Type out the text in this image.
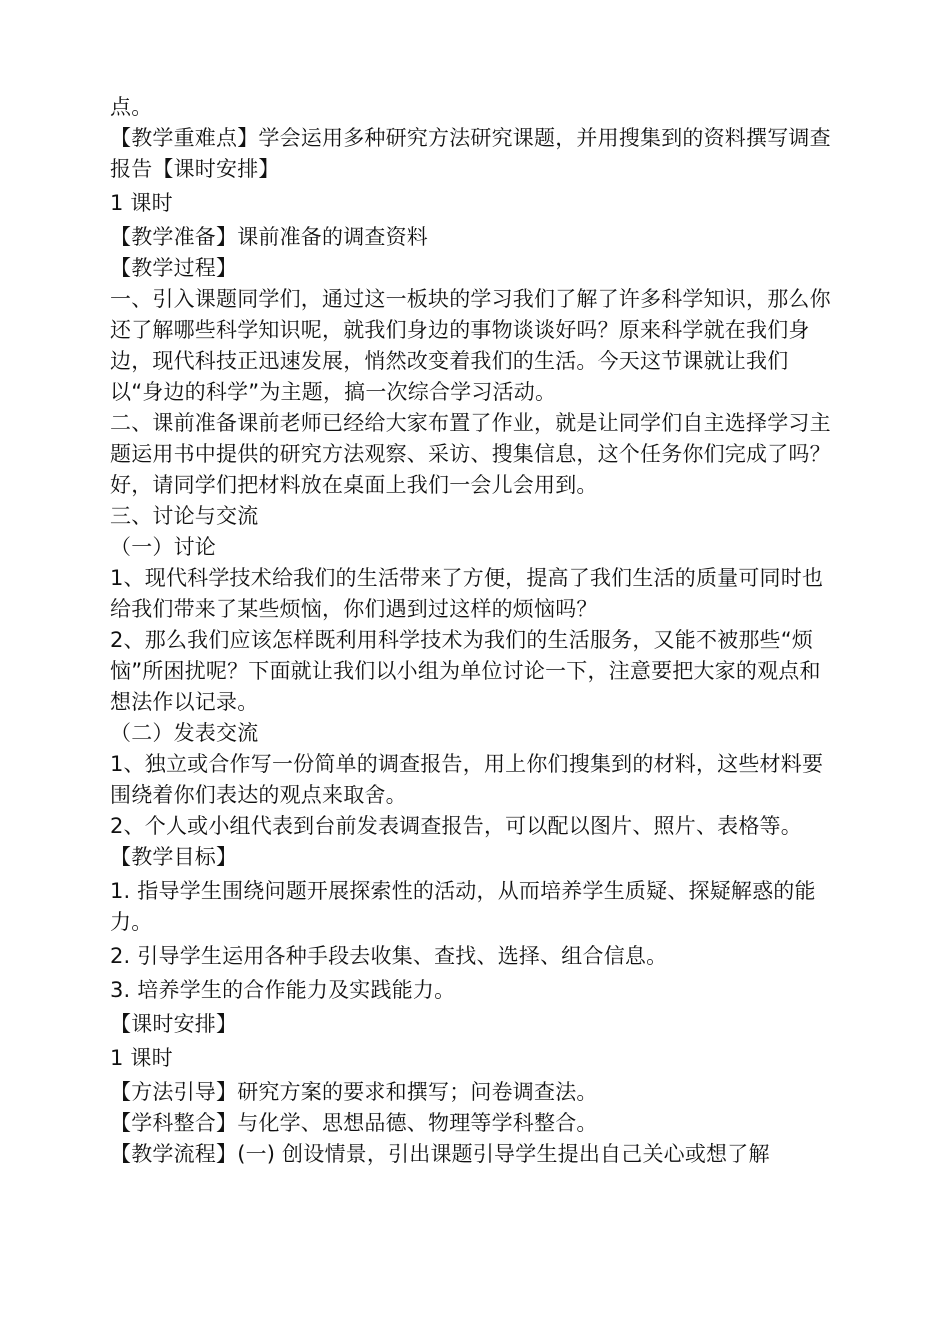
点。

【教学重难点】学会运用多种研究方法研究课题，并用搜集到的资料撰写调查报告【课时安排】

1 课时

【教学准备】课前准备的调查资料

【教学过程】

一、引入课题同学们，通过这一板块的学习我们了解了许多科学知识，那么你还了解哪些科学知识呢，就我们身边的事物谈谈好吗？原来科学就在我们身边，现代科技正迅速发展，悄然改变着我们的生活。今天这节课就让我们以“身边的科学”为主题，搞一次综合学习活动。

二、课前准备课前老师已经给大家布置了作业，就是让同学们自主选择学习主题运用书中提供的研究方法观察、采访、搜集信息，这个任务你们完成了吗？好，请同学们把材料放在桌面上我们一会儿会用到。

三、讨论与交流

（一）讨论

1、现代科学技术给我们的生活带来了方便，提高了我们生活的质量可同时也给我们带来了某些烦恼，你们遇到过这样的烦恼吗？

2、那么我们应该怎样既利用科学技术为我们的生活服务，又能不被那些“烦恼”所困扰呢？下面就让我们以小组为单位讨论一下，注意要把大家的观点和想法作以记录。

（二）发表交流

1、独立或合作写一份简单的调查报告，用上你们搜集到的材料，这些材料要围绕着你们表达的观点来取舍。

2、个人或小组代表到台前发表调查报告，可以配以图片、照片、表格等。

【教学目标】

1. 指导学生围绕问题开展探索性的活动，从而培养学生质疑、探疑解惑的能力。

2. 引导学生运用各种手段去收集、查找、选择、组合信息。

3. 培养学生的合作能力及实践能力。

【课时安排】

1 课时

【方法引导】研究方案的要求和撰写；问卷调查法。

【学科整合】与化学、思想品德、物理等学科整合。

【教学流程】(一) 创设情景，引出课题引导学生提出自己关心或想了解
